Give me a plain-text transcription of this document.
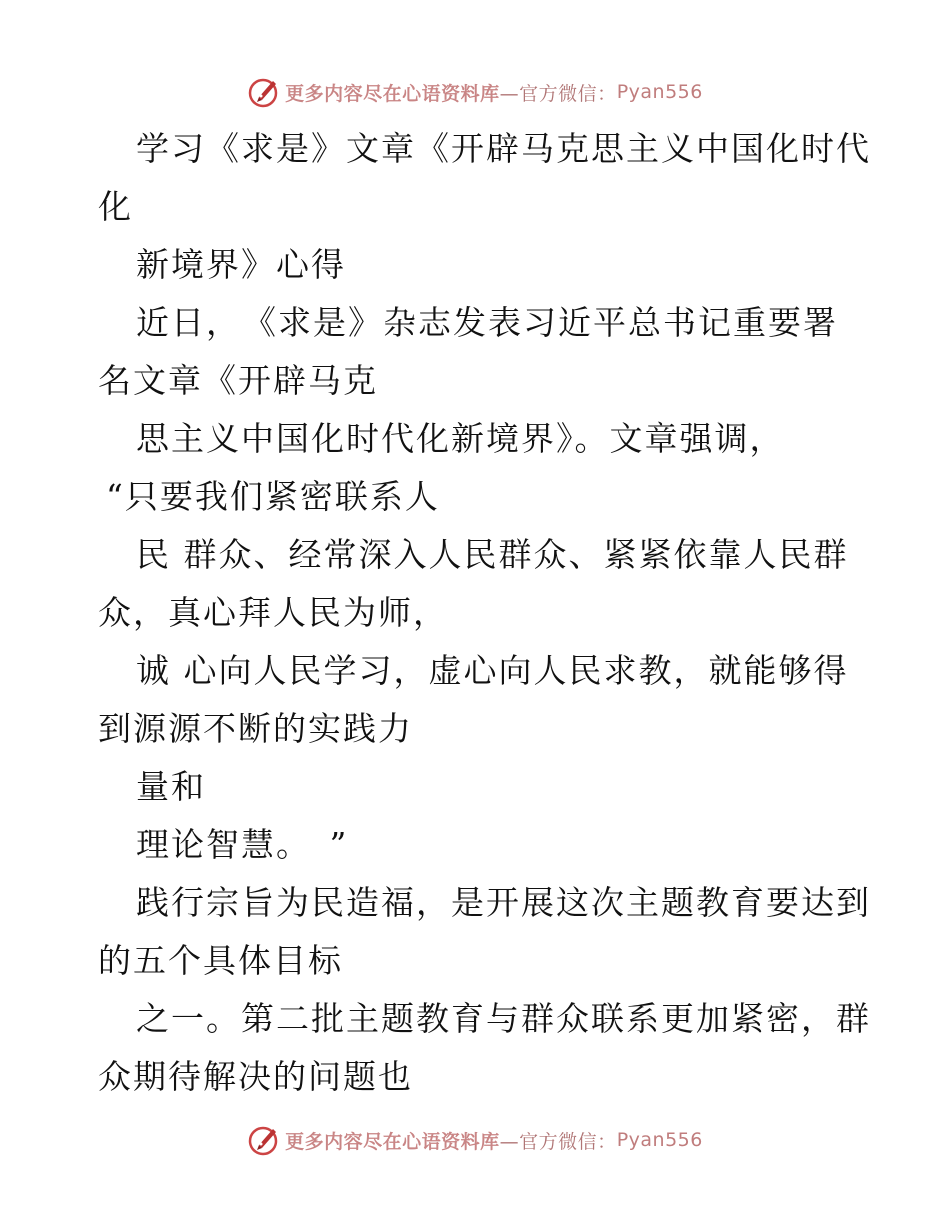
更多内容尽在心语资料库 —官方微信： Pyan556
学习《求是》文章《开辟马克思主义中国化时代
化
新境界》心得
近日，　《求是》杂志发表习近平总书记重要署
名文章《开辟马克
思主义中国化时代化新境界》。文章强调，
“只要我们紧密联系人
民 群众、经常深入人民群众、紧紧依靠人民群
众，真心拜人民为师，
诚 心向人民学习，虚心向人民求教，就能够得
到源源不断的实践力
量和
理论智慧。　”
践行宗旨为民造福，是开展这次主题教育要达到
的五个具体目标
之一。第二批主题教育与群众联系更加紧密，群
众期待解决的问题也
更多内容尽在心语资料库 —官方微信： Pyan556
